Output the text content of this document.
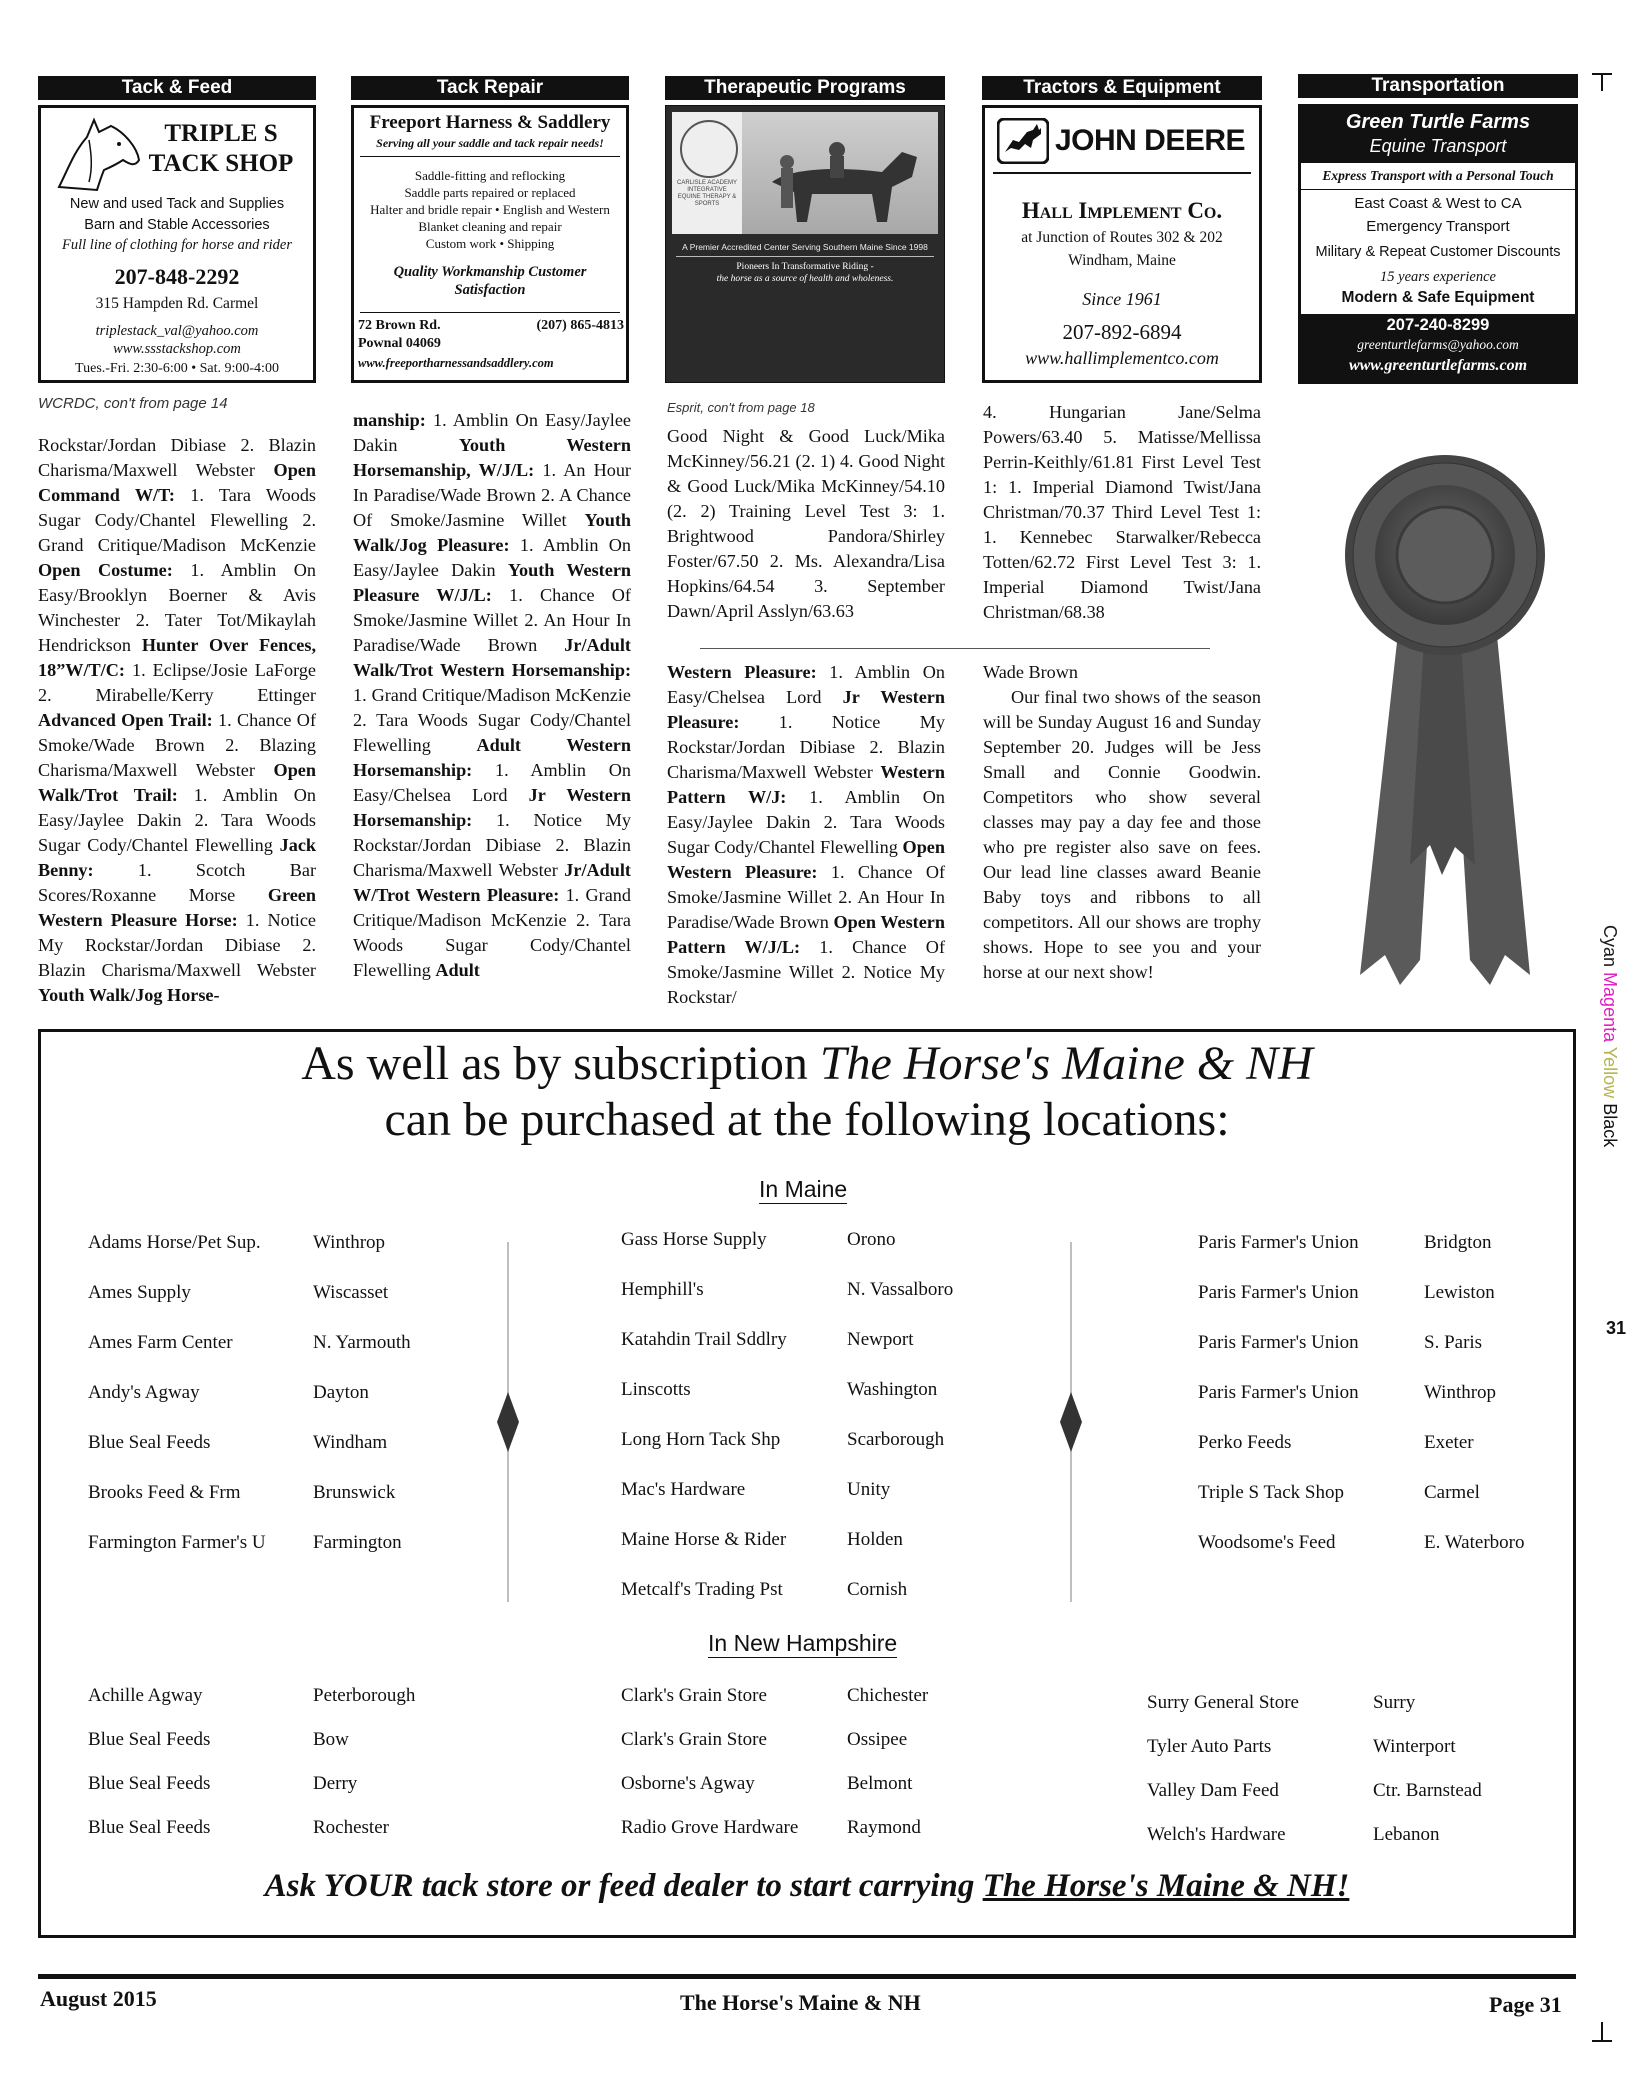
Tack & Feed
TRIPLE S
TACK SHOP
New and used Tack and Supplies
Barn and Stable Accessories
Full line of clothing for horse and rider
207-848-2292
315 Hampden Rd. Carmel
triplestack_val@yahoo.com
www.ssstackshop.com
Tues.-Fri. 2:30-6:00 • Sat. 9:00-4:00
Tack Repair
Freeport Harness & Saddlery
Serving all your saddle and tack repair needs!
Saddle-fitting and reflocking
Saddle parts repaired or replaced
Halter and bridle repair • English and Western
Blanket cleaning and repair
Custom work • Shipping
Quality Workmanship Customer Satisfaction
72 Brown Rd.	(207) 865-4813
Pownal 04069
www.freeportharnessandsaddlery.com
Therapeutic Programs
CARLISLE ACADEMY INTEGRATIVE EQUINE THERAPY & SPORTS
A Premier Accredited Center Serving Southern Maine Since 1998
Pioneers In Transformative Riding -
the horse as a source of health and wholeness.
Tractors & Equipment
JOHN DEERE
Hall Implement Co.
at Junction of Routes 302 & 202
Windham, Maine
Since 1961
207-892-6894
www.hallimplementco.com
Transportation
Green Turtle Farms
Equine Transport
Express Transport with a Personal Touch
East Coast & West to CA
Emergency Transport
Military & Repeat Customer Discounts
15 years experience
Modern & Safe Equipment
207-240-8299
greenturtlefarms@yahoo.com
www.greenturtlefarms.com
WCRDC, con't from page 14

Rockstar/Jordan Dibiase 2. Blazin Charisma/Maxwell Webster Open Command W/T: 1. Tara Woods Sugar Cody/Chantel Flewelling 2. Grand Critique/Madison McKenzie Open Costume: 1. Amblin On Easy/Brooklyn Boerner & Avis Winchester 2. Tater Tot/Mikaylah Hendrickson Hunter Over Fences, 18”W/T/C: 1. Eclipse/Josie LaForge 2. Mirabelle/Kerry Ettinger Advanced Open Trail: 1. Chance Of Smoke/Wade Brown 2. Blazing Charisma/Maxwell Webster Open Walk/Trot Trail: 1. Amblin On Easy/Jaylee Dakin 2. Tara Woods Sugar Cody/Chantel Flewelling Jack Benny: 1. Scotch Bar Scores/Roxanne Morse Green Western Pleasure Horse: 1. Notice My Rockstar/Jordan Dibiase 2. Blazin Charisma/Maxwell Webster Youth Walk/Jog Horse-

manship: 1. Amblin On Easy/Jaylee Dakin Youth Western Horsemanship, W/J/L: 1. An Hour In Paradise/Wade Brown 2. A Chance Of Smoke/Jasmine Willet Youth Walk/Jog Pleasure: 1. Amblin On Easy/Jaylee Dakin Youth Western Pleasure W/J/L: 1. Chance Of Smoke/Jasmine Willet 2. An Hour In Paradise/Wade Brown Jr/Adult Walk/Trot Western Horsemanship: 1. Grand Critique/Madison McKenzie 2. Tara Woods Sugar Cody/Chantel Flewelling Adult Western Horsemanship: 1. Amblin On Easy/Chelsea Lord Jr Western Horsemanship: 1. Notice My Rockstar/Jordan Dibiase 2. Blazin Charisma/Maxwell Webster Jr/Adult W/Trot Western Pleasure: 1. Grand Critique/Madison McKenzie 2. Tara Woods Sugar Cody/Chantel Flewelling Adult

Esprit, con't from page 18

Good Night & Good Luck/Mika McKinney/56.21 (2. 1) 4. Good Night & Good Luck/Mika McKinney/54.10 (2. 2) Training Level Test 3: 1. Brightwood Pandora/Shirley Foster/67.50 2. Ms. Alexandra/Lisa Hopkins/64.54 3. September Dawn/April Asslyn/63.63

4. Hungarian Jane/Selma Powers/63.40 5. Matisse/Mellissa Perrin-Keithly/61.81 First Level Test 1: 1. Imperial Diamond Twist/Jana Christman/70.37 Third Level Test 1: 1. Kennebec Starwalker/Rebecca Totten/62.72 First Level Test 3: 1. Imperial Diamond Twist/Jana Christman/68.38

Western Pleasure: 1. Amblin On Easy/Chelsea Lord Jr Western Pleasure: 1. Notice My Rockstar/Jordan Dibiase 2. Blazin Charisma/Maxwell Webster Western Pattern W/J: 1. Amblin On Easy/Jaylee Dakin 2. Tara Woods Sugar Cody/Chantel Flewelling Open Western Pleasure: 1. Chance Of Smoke/Jasmine Willet 2. An Hour In Paradise/Wade Brown Open Western Pattern W/J/L: 1. Chance Of Smoke/Jasmine Willet 2. Notice My Rockstar/

Wade Brown

Our final two shows of the season will be Sunday August 16 and Sunday September 20. Judges will be Jess Small and Connie Goodwin. Competitors who show several classes may pay a day fee and those who pre register also save on fees. Our lead line classes award Beanie Baby toys and ribbons to all competitors. All our shows are trophy shows. Hope to see you and your horse at our next show!

Cyan Magenta Yellow Black
31
As well as by subscription The Horse's Maine & NH
can be purchased at the following locations:
In Maine
In New Hampshire
Ask YOUR tack store or feed dealer to start carrying The Horse's Maine & NH!
Adams Horse/Pet Sup.	Winthrop
Ames Supply	Wiscasset
Ames Farm Center	N. Yarmouth
Andy's Agway	Dayton
Blue Seal Feeds	Windham
Brooks Feed & Frm	Brunswick
Farmington Farmer's U Farmington
Gass Horse Supply	Orono
Hemphill's	N. Vassalboro
Katahdin Trail Sddlry	Newport
Linscotts	Washington
Long Horn Tack Shp	Scarborough
Mac's Hardware	Unity
Maine Horse & Rider	Holden
Metcalf's Trading Pst	Cornish
Paris Farmer's Union	Bridgton
Paris Farmer's Union	Lewiston
Paris Farmer's Union	S. Paris
Paris Farmer's Union	Winthrop
Perko Feeds	Exeter
Triple S Tack Shop	Carmel
Woodsome's Feed	E. Waterboro
Achille Agway	Peterborough
Blue Seal Feeds	Bow
Blue Seal Feeds	Derry
Blue Seal Feeds	Rochester
Clark's Grain Store	Chichester
Clark's Grain Store	Ossipee
Osborne's Agway	Belmont
Radio Grove Hardware	Raymond
Surry General Store	Surry
Tyler Auto Parts	Winterport
Valley Dam Feed	Ctr. Barnstead
Welch's Hardware	Lebanon
August 2015	The Horse's Maine & NH	Page 31
